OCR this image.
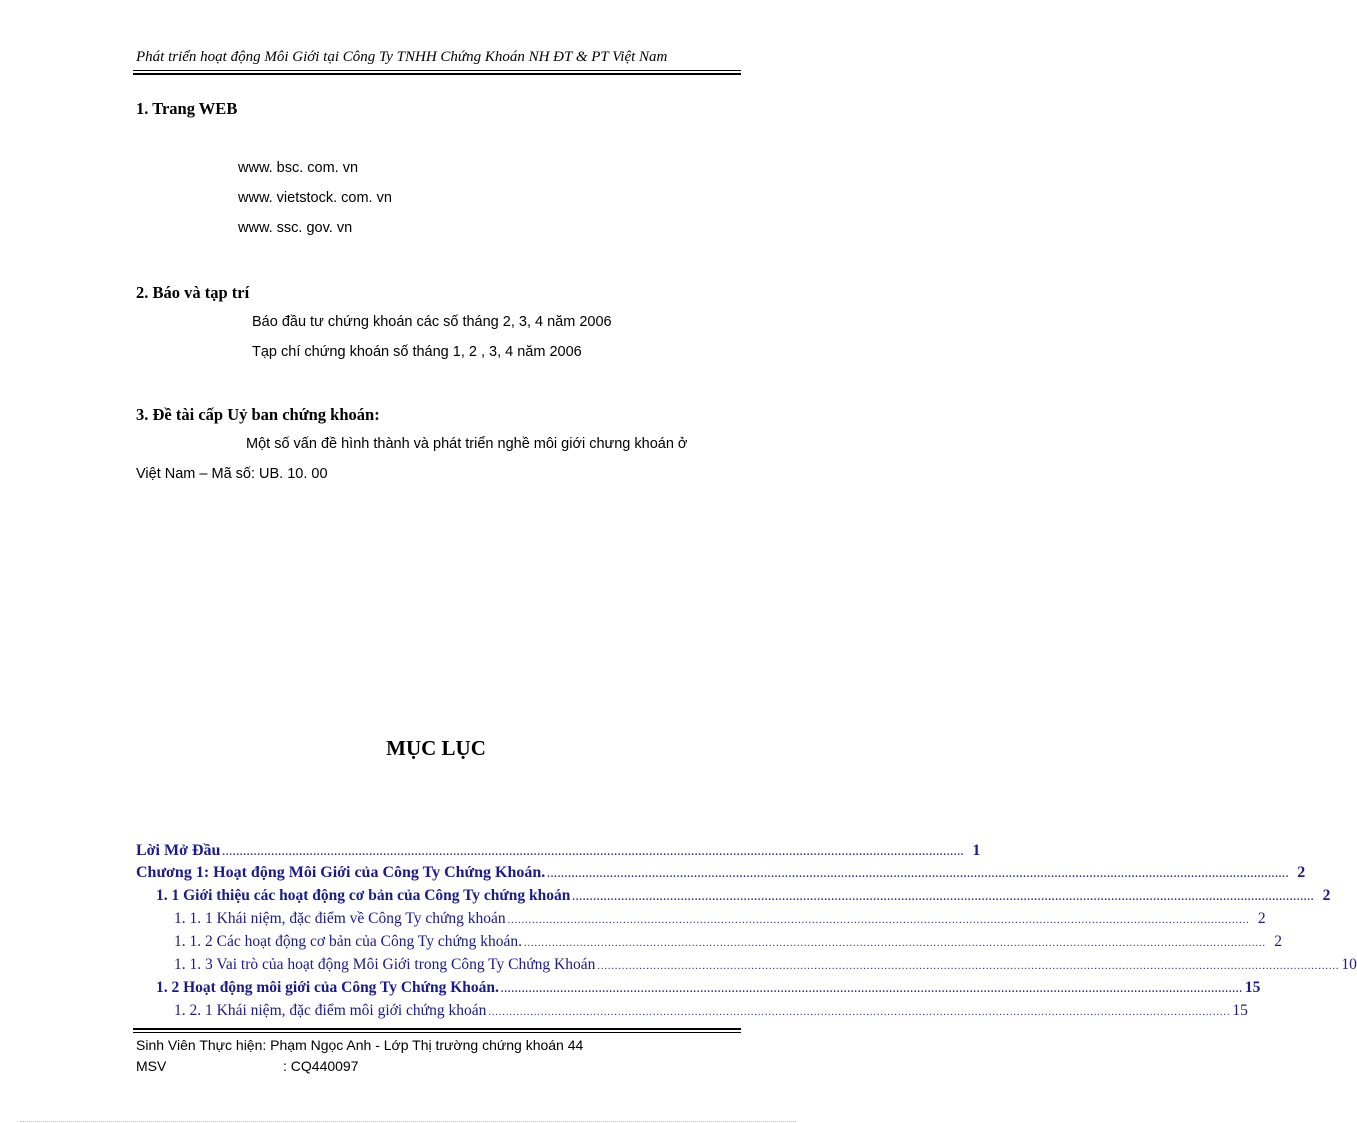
Phát triển hoạt động Môi Giới tại Công Ty TNHH Chứng Khoán NH ĐT & PT Việt Nam
1. Trang WEB
www. bsc. com. vn
www. vietstock. com. vn
www. ssc. gov. vn
2. Báo và tạp trí
Báo đầu tư chứng khoán các số tháng 2, 3, 4 năm 2006
Tạp chí chứng khoán số tháng 1, 2 , 3, 4 năm 2006
3. Đề tài cấp Uỷ ban chứng khoán:
Một số vấn đề hình thành và phát triển nghề môi giới chưng khoán ở
Việt Nam – Mã số: UB. 10. 00
MỤC LỤC
Lời Mở Đầu .................................................................................................................................................................................................................... 1
Chương 1: Hoạt động Môi Giới của Công Ty Chứng Khoán. .................................................................................................................................................................................................................... 2
1. 1 Giới thiệu các hoạt động cơ bản của Công Ty chứng khoán .................................................................................................................................................................................................................... 2
1. 1. 1 Khái niệm, đặc điểm về Công Ty chứng khoán .................................................................................................................................................................................................................... 2
1. 1. 2 Các hoạt động cơ bản của Công Ty chứng khoán. .................................................................................................................................................................................................................... 2
1. 1. 3 Vai trò của hoạt động Môi Giới trong Công Ty Chứng Khoán .................................................................................................................................................................................................................... 10
1. 2 Hoạt động môi giới của Công Ty Chứng Khoán. .................................................................................................................................................................................................................... 15
1. 2. 1 Khái niệm, đặc điểm môi giới chứng khoán .................................................................................................................................................................................................................... 15
Sinh Viên Thực hiện: Phạm Ngọc Anh - Lớp Thị trường chứng khoán 44
MSV	: CQ440097
